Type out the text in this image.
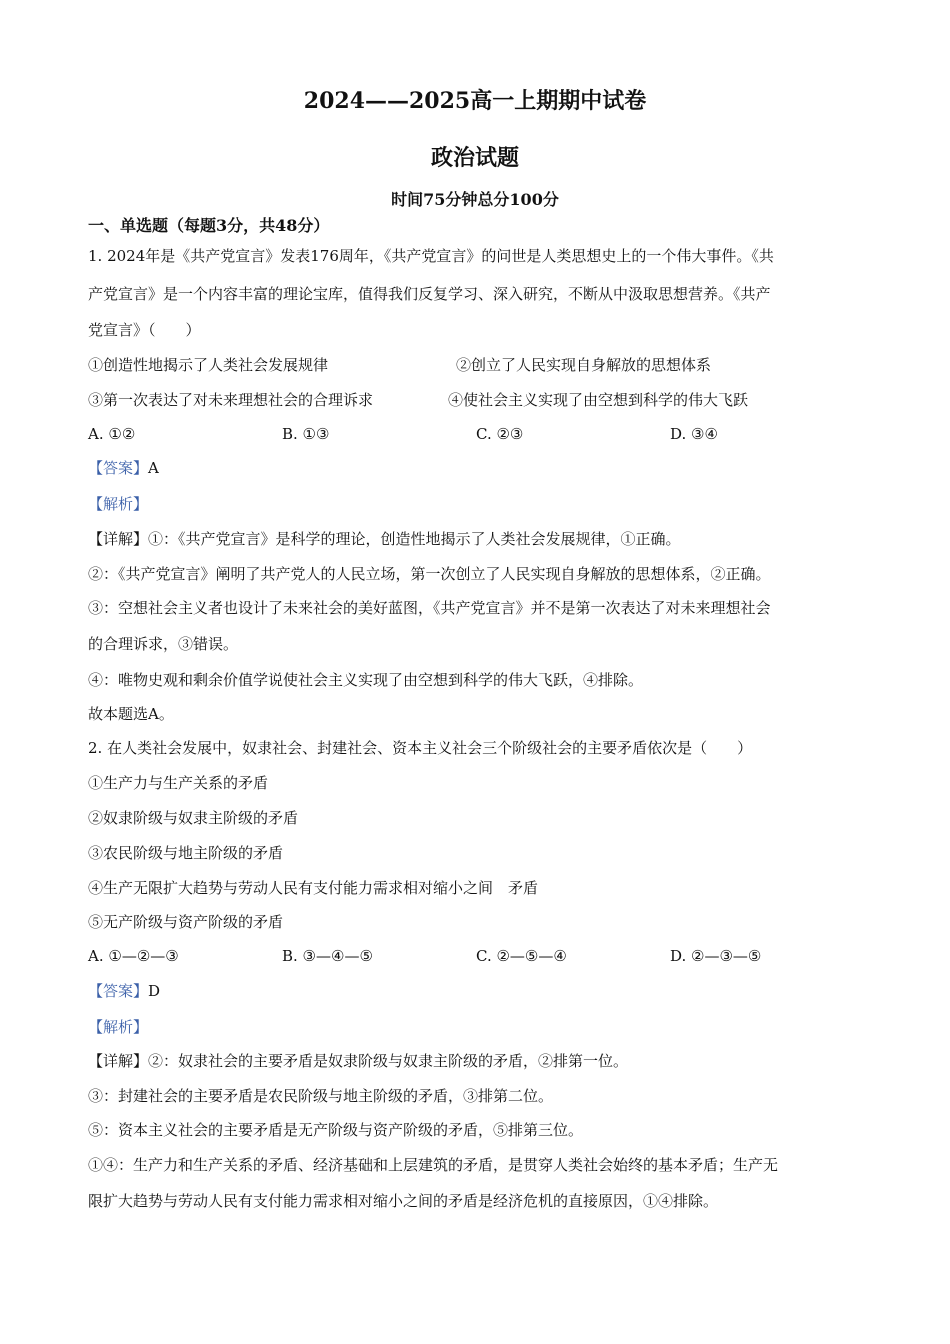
2024——2025高一上期期中试卷
政治试题
时间75分钟总分100分
一、单选题（每题3分，共48分）
1. 2024年是《共产党宣言》发表176周年，《共产党宣言》的问世是人类思想史上的一个伟大事件。《共
产党宣言》是一个内容丰富的理论宝库，值得我们反复学习、深入研究，不断从中汲取思想营养。《共产
党宣言》（　　）
①创造性地揭示了人类社会发展规律	②创立了人民实现自身解放的思想体系
③第一次表达了对未来理想社会的合理诉求	④使社会主义实现了由空想到科学的伟大飞跃
A. ①②	B. ①③	C. ②③	D. ③④
【答案】A
【解析】
【详解】①：《共产党宣言》是科学的理论，创造性地揭示了人类社会发展规律，①正确。
②：《共产党宣言》阐明了共产党人的人民立场，第一次创立了人民实现自身解放的思想体系，②正确。
③：空想社会主义者也设计了未来社会的美好蓝图，《共产党宣言》并不是第一次表达了对未来理想社会
的合理诉求，③错误。
④：唯物史观和剩余价值学说使社会主义实现了由空想到科学的伟大飞跃，④排除。
故本题选A。
2. 在人类社会发展中，奴隶社会、封建社会、资本主义社会三个阶级社会的主要矛盾依次是（　　）
①生产力与生产关系的矛盾
②奴隶阶级与奴隶主阶级的矛盾
③农民阶级与地主阶级的矛盾
④生产无限扩大趋势与劳动人民有支付能力需求相对缩小之间　矛盾
⑤无产阶级与资产阶级的矛盾
A. ①—②—③	B. ③—④—⑤	C. ②—⑤—④	D. ②—③—⑤
【答案】D
【解析】
【详解】②：奴隶社会的主要矛盾是奴隶阶级与奴隶主阶级的矛盾，②排第一位。
③：封建社会的主要矛盾是农民阶级与地主阶级的矛盾，③排第二位。
⑤：资本主义社会的主要矛盾是无产阶级与资产阶级的矛盾，⑤排第三位。
①④：生产力和生产关系的矛盾、经济基础和上层建筑的矛盾，是贯穿人类社会始终的基本矛盾；生产无
限扩大趋势与劳动人民有支付能力需求相对缩小之间的矛盾是经济危机的直接原因，①④排除。
